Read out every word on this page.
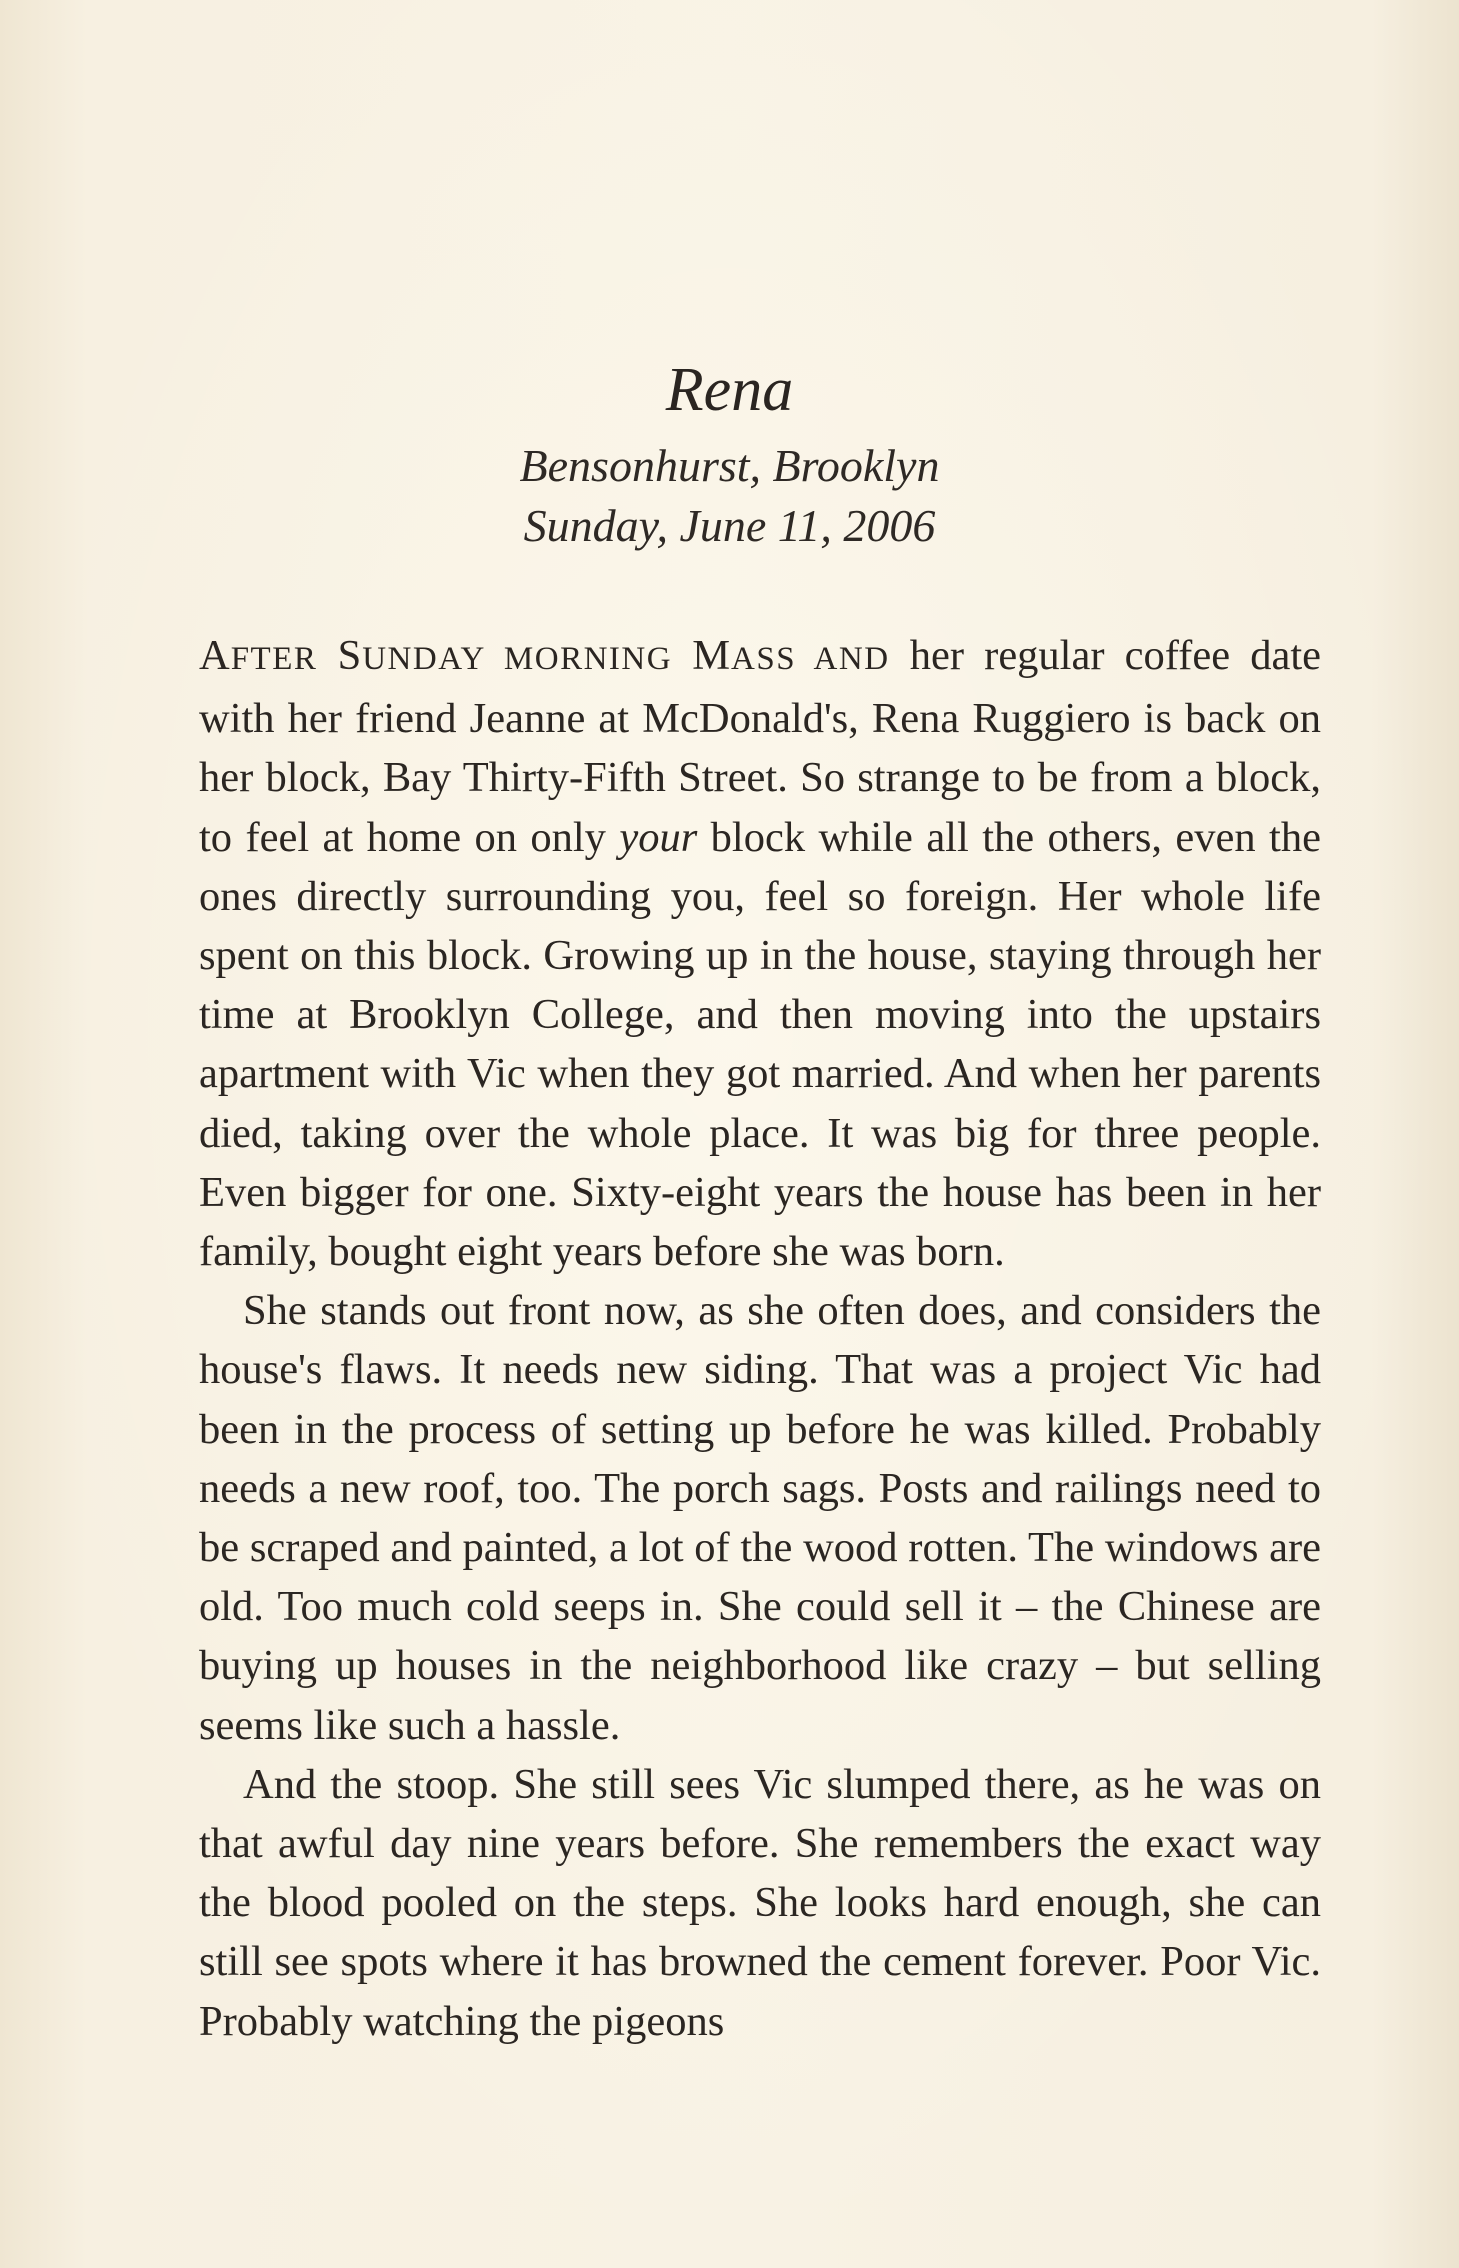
Rena
Bensonhurst, Brooklyn
Sunday, June 11, 2006

AFTER SUNDAY MORNING MASS AND her regular coffee date with her friend Jeanne at McDonald's, Rena Ruggiero is back on her block, Bay Thirty-Fifth Street. So strange to be from a block, to feel at home on only your block while all the others, even the ones directly surrounding you, feel so foreign. Her whole life spent on this block. Growing up in the house, staying through her time at Brooklyn College, and then moving into the upstairs apartment with Vic when they got married. And when her parents died, taking over the whole place. It was big for three people. Even bigger for one. Sixty-eight years the house has been in her family, bought eight years before she was born.

She stands out front now, as she often does, and considers the house's flaws. It needs new siding. That was a project Vic had been in the process of setting up before he was killed. Probably needs a new roof, too. The porch sags. Posts and railings need to be scraped and painted, a lot of the wood rotten. The windows are old. Too much cold seeps in. She could sell it – the Chinese are buying up houses in the neighborhood like crazy – but selling seems like such a hassle.

And the stoop. She still sees Vic slumped there, as he was on that awful day nine years before. She remembers the exact way the blood pooled on the steps. She looks hard enough, she can still see spots where it has browned the cement forever. Poor Vic. Probably watching the pigeons
